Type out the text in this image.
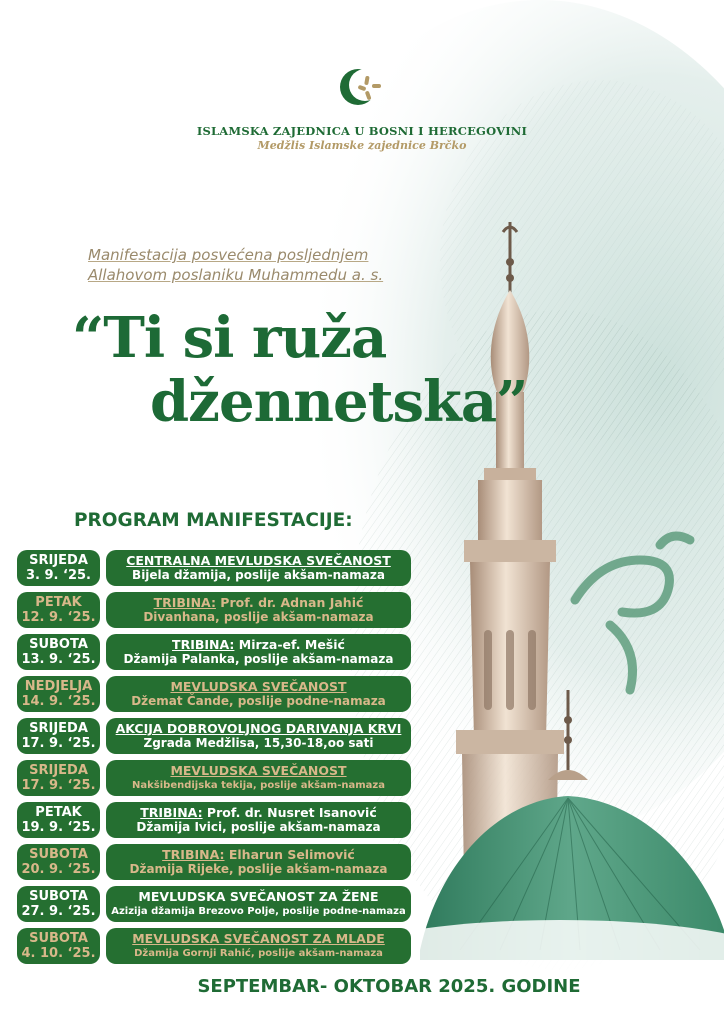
ISLAMSKA ZAJEDNICA U BOSNI I HERCEGOVINI
Medžlis Islamske zajednice Brčko
Manifestacija posvećena posljednjem
Allahovom poslaniku Muhammedu a. s.
“Ti si ruža
džennetska”
PROGRAM MANIFESTACIJE:
SRIJEDA
3. 9. ‘25.
CENTRALNA MEVLUDSKA SVEČANOST
Bijela džamija, poslije akšam-namaza
PETAK
12. 9. ‘25.
TRIBINA: Prof. dr. Adnan Jahić
Divanhana, poslije akšam-namaza
SUBOTA
13. 9. ‘25.
TRIBINA: Mirza-ef. Mešić
Džamija Palanka, poslije akšam-namaza
NEDJELJA
14. 9. ‘25.
MEVLUDSKA SVEČANOST
Džemat Čande, poslije podne-namaza
SRIJEDA
17. 9. ‘25.
AKCIJA DOBROVOLJNOG DARIVANJA KRVI
Zgrada Medžlisa, 15,30-18,oo sati
SRIJEDA
17. 9. ‘25.
MEVLUDSKA SVEČANOST
Nakšibendijska tekija, poslije akšam-namaza
PETAK
19. 9. ‘25.
TRIBINA: Prof. dr. Nusret Isanović
Džamija Ivici, poslije akšam-namaza
SUBOTA
20. 9. ‘25.
TRIBINA: Elharun Selimović
Džamija Rijeke, poslije akšam-namaza
SUBOTA
27. 9. ‘25.
MEVLUDSKA SVEČANOST ZA ŽENE
Azizija džamija Brezovo Polje, poslije podne-namaza
SUBOTA
4. 10. ‘25.
MEVLUDSKA SVEČANOST ZA MLADE
Džamija Gornji Rahić, poslije akšam-namaza
SEPTEMBAR- OKTOBAR 2025. GODINE
